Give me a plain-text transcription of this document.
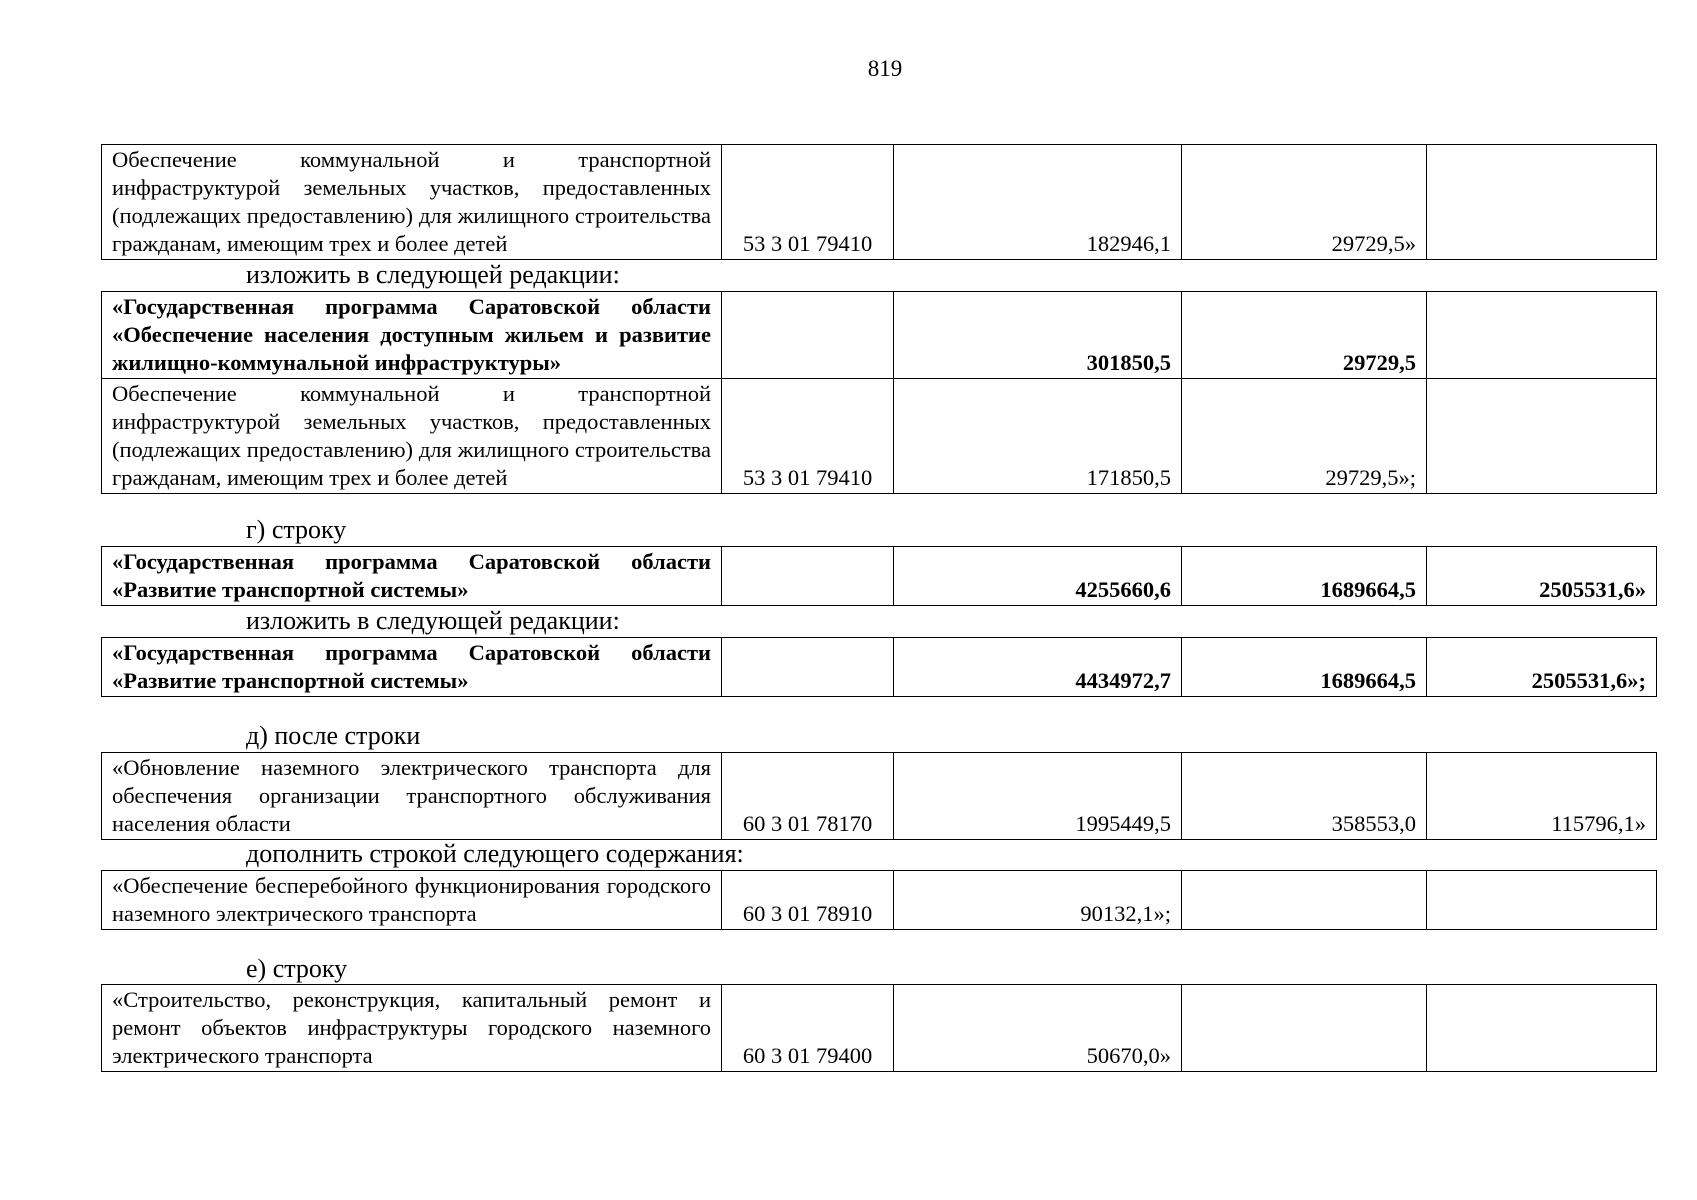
819
Обеспечение коммунальной и транспортной инфраструктурой земельных участков, предоставленных (подлежащих предоставлению) для жилищного строительства гражданам, имеющим трех и более детей	53 3 01 79410	182946,1	29729,5»	
изложить в следующей редакции:
«Государственная программа Саратовской области «Обеспечение населения доступным жильем и развитие жилищно-коммунальной инфраструктуры»		301850,5	29729,5	
Обеспечение коммунальной и транспортной инфраструктурой земельных участков, предоставленных (подлежащих предоставлению) для жилищного строительства гражданам, имеющим трех и более детей	53 3 01 79410	171850,5	29729,5»;	
г) строку
«Государственная программа Саратовской области «Развитие транспортной системы»		4255660,6	1689664,5	2505531,6»
изложить в следующей редакции:
«Государственная программа Саратовской области «Развитие транспортной системы»		4434972,7	1689664,5	2505531,6»;
д) после строки
«Обновление наземного электрического транспорта для обеспечения организации транспортного обслуживания населения области	60 3 01 78170	1995449,5	358553,0	115796,1»
дополнить строкой следующего содержания:
«Обеспечение бесперебойного функционирования городского наземного электрического транспорта	60 3 01 78910	90132,1»;		
е) строку
«Строительство, реконструкция, капитальный ремонт и ремонт объектов инфраструктуры городского наземного электрического транспорта	60 3 01 79400	50670,0»		
